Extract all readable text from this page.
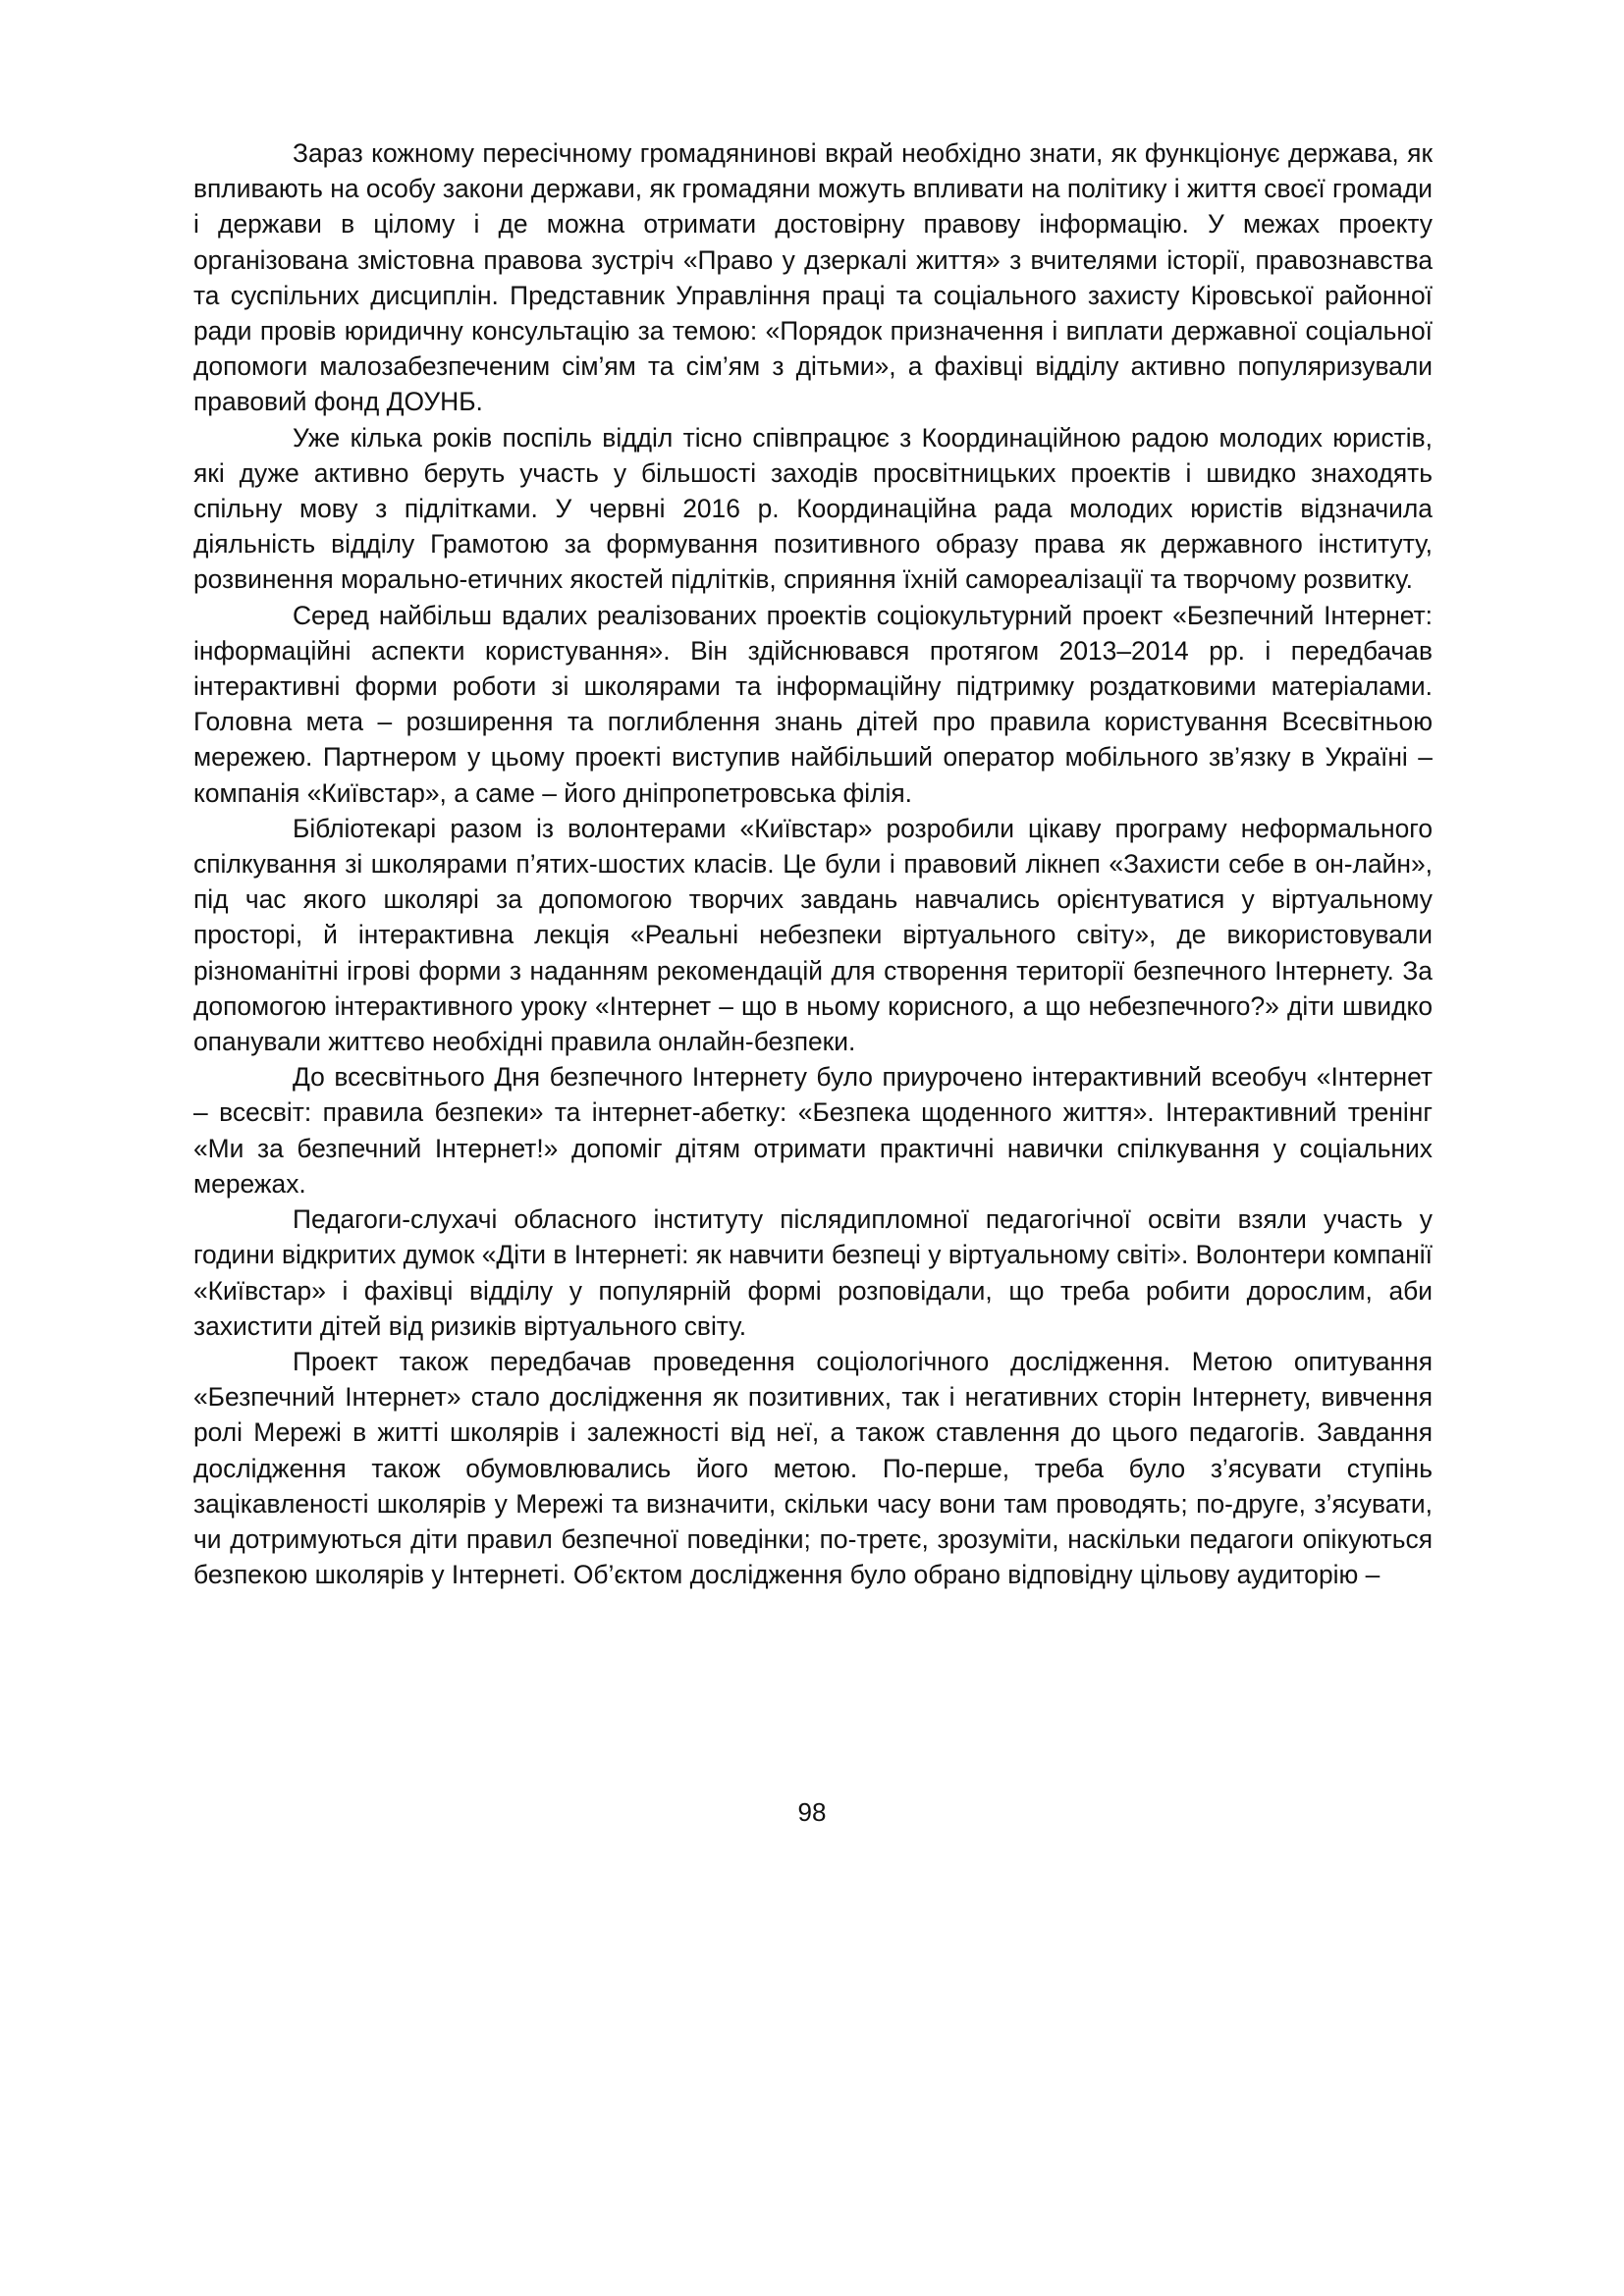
Зараз кожному пересічному громадянинові вкрай необхідно знати, як функціонує держава, як впливають на особу закони держави, як громадяни можуть впливати на політику і життя своєї громади і держави в цілому і де можна отримати достовірну правову інформацію. У межах проекту організована змістовна правова зустріч «Право у дзеркалі життя» з вчителями історії, правознавства та суспільних дисциплін. Представник Управління праці та соціального захисту Кіровської районної ради провів юридичну консультацію за темою: «Порядок призначення і виплати державної соціальної допомоги малозабезпеченим сім’ям та сім’ям з дітьми», а фахівці відділу активно популяризували правовий фонд ДОУНБ.

Уже кілька років поспіль відділ тісно співпрацює з Координаційною радою молодих юристів, які дуже активно беруть участь у більшості заходів просвітницьких проектів і швидко знаходять спільну мову з підлітками. У червні 2016 р. Координаційна рада молодих юристів відзначила діяльність відділу Грамотою за формування позитивного образу права як державного інституту, розвинення морально-етичних якостей підлітків, сприяння їхній самореалізації та творчому розвитку.

Серед найбільш вдалих реалізованих проектів соціокультурний проект «Безпечний Інтернет: інформаційні аспекти користування». Він здійснювався протягом 2013–2014 рр. і передбачав інтерактивні форми роботи зі школярами та інформаційну підтримку роздатковими матеріалами. Головна мета – розширення та поглиблення знань дітей про правила користування Всесвітньою мережею. Партнером у цьому проекті виступив найбільший оператор мобільного зв’язку в Україні – компанія «Київстар», а саме – його дніпропетровська філія.

Бібліотекарі разом із волонтерами «Київстар» розробили цікаву програму неформального спілкування зі школярами п’ятих-шостих класів. Це були і правовий лікнеп «Захисти себе в он-лайн», під час якого школярі за допомогою творчих завдань навчались орієнтуватися у віртуальному просторі, й інтерактивна лекція «Реальні небезпеки віртуального світу», де використовували різноманітні ігрові форми з наданням рекомендацій для створення території безпечного Інтернету. За допомогою інтерактивного уроку «Інтернет – що в ньому корисного, а що небезпечного?» діти швидко опанували життєво необхідні правила онлайн-безпеки.

До всесвітнього Дня безпечного Інтернету було приурочено інтерактивний всеобуч «Інтернет – всесвіт: правила безпеки» та інтернет-абетку: «Безпека щоденного життя». Інтерактивний тренінг «Ми за безпечний Інтернет!» допоміг дітям отримати практичні навички спілкування у соціальних мережах.

Педагоги-слухачі обласного інституту післядипломної педагогічної освіти взяли участь у години відкритих думок «Діти в Інтернеті: як навчити безпеці у віртуальному світі». Волонтери компанії «Київстар» і фахівці відділу у популярній формі розповідали, що треба робити дорослим, аби захистити дітей від ризиків віртуального світу.

Проект також передбачав проведення соціологічного дослідження. Метою опитування «Безпечний Інтернет» стало дослідження як позитивних, так і негативних сторін Інтернету, вивчення ролі Мережі в житті школярів і залежності від неї, а також ставлення до цього педагогів. Завдання дослідження також обумовлювались його метою. По-перше, треба було з’ясувати ступінь зацікавленості школярів у Мережі та визначити, скільки часу вони там проводять; по-друге, з’ясувати, чи дотримуються діти правил безпечної поведінки; по-третє, зрозуміти, наскільки педагоги опікуються безпекою школярів у Інтернеті. Об’єктом дослідження було обрано відповідну цільову аудиторію –

98
